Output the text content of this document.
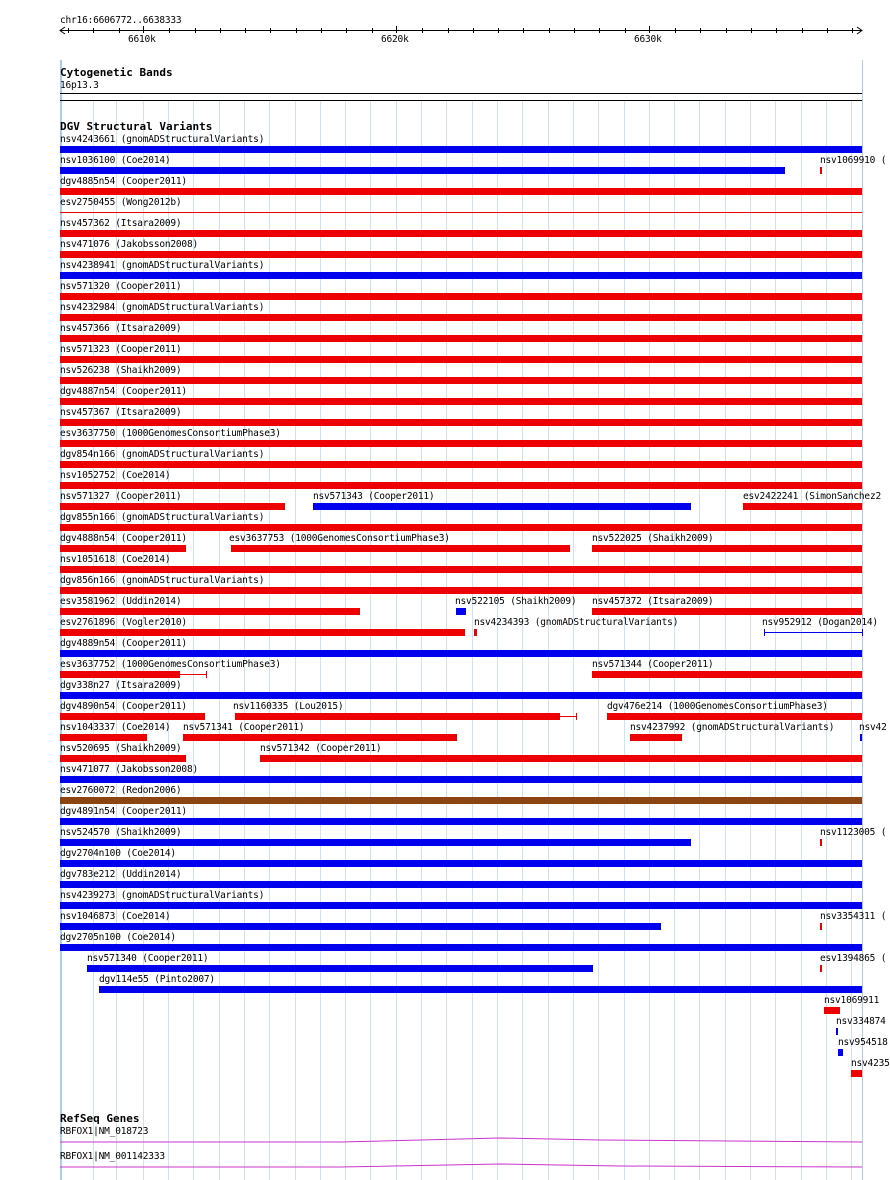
chr16:6606772..6638333
6610k	6620k	6630k
Cytogenetic Bands
16p13.3
DGV Structural Variants
nsv4243661 (gnomADStructuralVariants)
nsv1036100 (Coe2014)	nsv1069910 (
dgv4885n54 (Cooper2011)
esv2750455 (Wong2012b)
nsv457362 (Itsara2009)
nsv471076 (Jakobsson2008)
nsv4238941 (gnomADStructuralVariants)
nsv571320 (Cooper2011)
nsv4232984 (gnomADStructuralVariants)
nsv457366 (Itsara2009)
nsv571323 (Cooper2011)
nsv526238 (Shaikh2009)
dgv4887n54 (Cooper2011)
nsv457367 (Itsara2009)
esv3637750 (1000GenomesConsortiumPhase3)
dgv854n166 (gnomADStructuralVariants)
nsv1052752 (Coe2014)
nsv571327 (Cooper2011)	nsv571343 (Cooper2011)	esv2422241 (SimonSanchez2
dgv855n166 (gnomADStructuralVariants)
dgv4888n54 (Cooper2011)	esv3637753 (1000GenomesConsortiumPhase3)	nsv522025 (Shaikh2009)
nsv1051618 (Coe2014)
dgv856n166 (gnomADStructuralVariants)
esv3581962 (Uddin2014)	nsv522105 (Shaikh2009) nsv457372 (Itsara2009)
esv2761896 (Vogler2010)	nsv4234393 (gnomADStructuralVariants)	nsv952912 (Dogan2014)
dgv4889n54 (Cooper2011)
esv3637752 (1000GenomesConsortiumPhase3)	nsv571344 (Cooper2011)
dgv338n27 (Itsara2009)
dgv4890n54 (Cooper2011)	nsv1160335 (Lou2015)	dgv476e214 (1000GenomesConsortiumPhase3)
nsv1043337 (Coe2014) nsv571341 (Cooper2011)	nsv4237992 (gnomADStructuralVariants)	nsv42
nsv520695 (Shaikh2009)	nsv571342 (Cooper2011)
nsv471077 (Jakobsson2008)
esv2760072 (Redon2006)
dgv4891n54 (Cooper2011)
nsv524570 (Shaikh2009)	nsv1123005 (
dgv2704n100 (Coe2014)
dgv783e212 (Uddin2014)
nsv4239273 (gnomADStructuralVariants)
nsv1046873 (Coe2014)	nsv3354311 (
dgv2705n100 (Coe2014)
nsv571340 (Cooper2011)	esv1394865 (
dgv114e55 (Pinto2007)
nsv1069911
nsv334874
nsv954518
nsv4235
RefSeq Genes
RBFOX1|NM_018723
RBFOX1|NM_001142333
